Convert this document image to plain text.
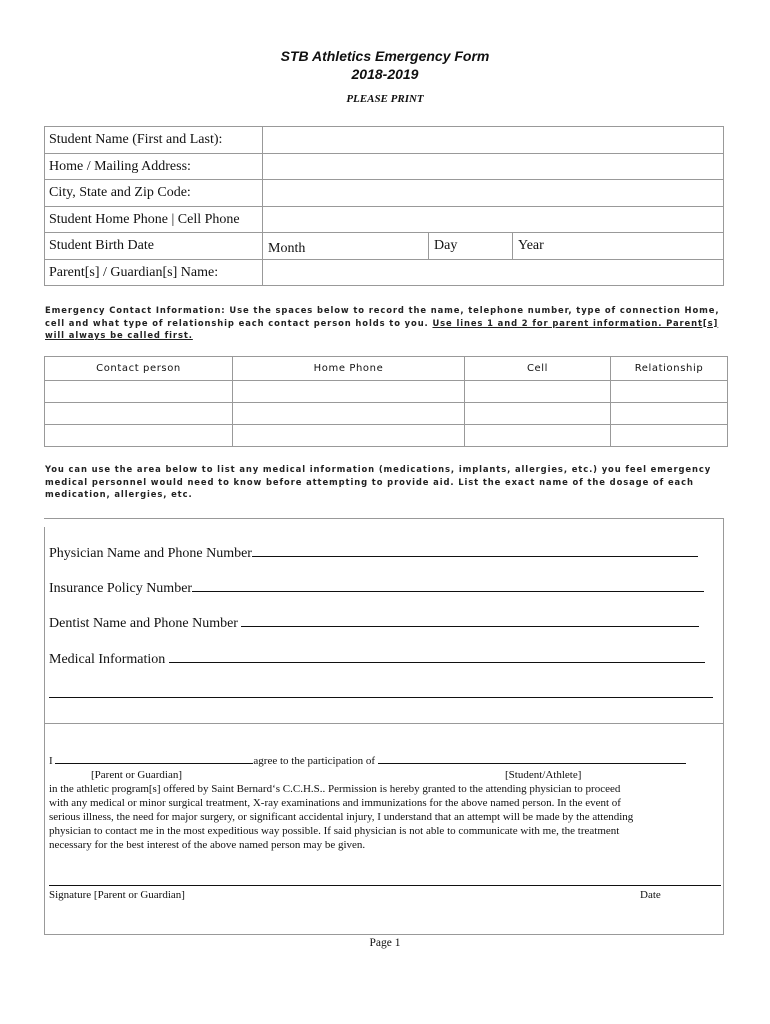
STB Athletics Emergency Form
2018-2019
PLEASE PRINT
Student Name (First and Last):	
Home / Mailing Address:	
City, State and Zip Code:	
Student Home Phone | Cell Phone	
Student Birth Date	Month Day Year

Parent[s] / Guardian[s] Name:	
Emergency Contact Information: Use the spaces below to record the name, telephone number, type of connection Home, cell and what type of relationship each contact person holds to you. Use lines 1 and 2 for parent information. Parent[s] will always be called first.
Contact person	Home Phone	Cell	Relationship

You can use the area below to list any medical information (medications, implants, allergies, etc.) you feel emergency medical personnel would need to know before attempting to provide aid. List the exact name of the dosage of each medication, allergies, etc.
Physician Name and Phone Number
Insurance Policy Number
Dentist Name and Phone Number
Medical Information
I	agree to the participation of
[Parent or Guardian]	[Student/Athlete]
in the athletic program[s] offered by Saint Bernard‘s C.C.H.S.. Permission is hereby granted to the attending physician to proceed
with any medical or minor surgical treatment, X-ray examinations and immunizations for the above named person. In the event of
serious illness, the need for major surgery, or significant accidental injury, I understand that an attempt will be made by the attending
physician to contact me in the most expeditious way possible. If said physician is not able to communicate with me, the treatment
necessary for the best interest of the above named person may be given.
Signature [Parent or Guardian]	Date
Page 1
